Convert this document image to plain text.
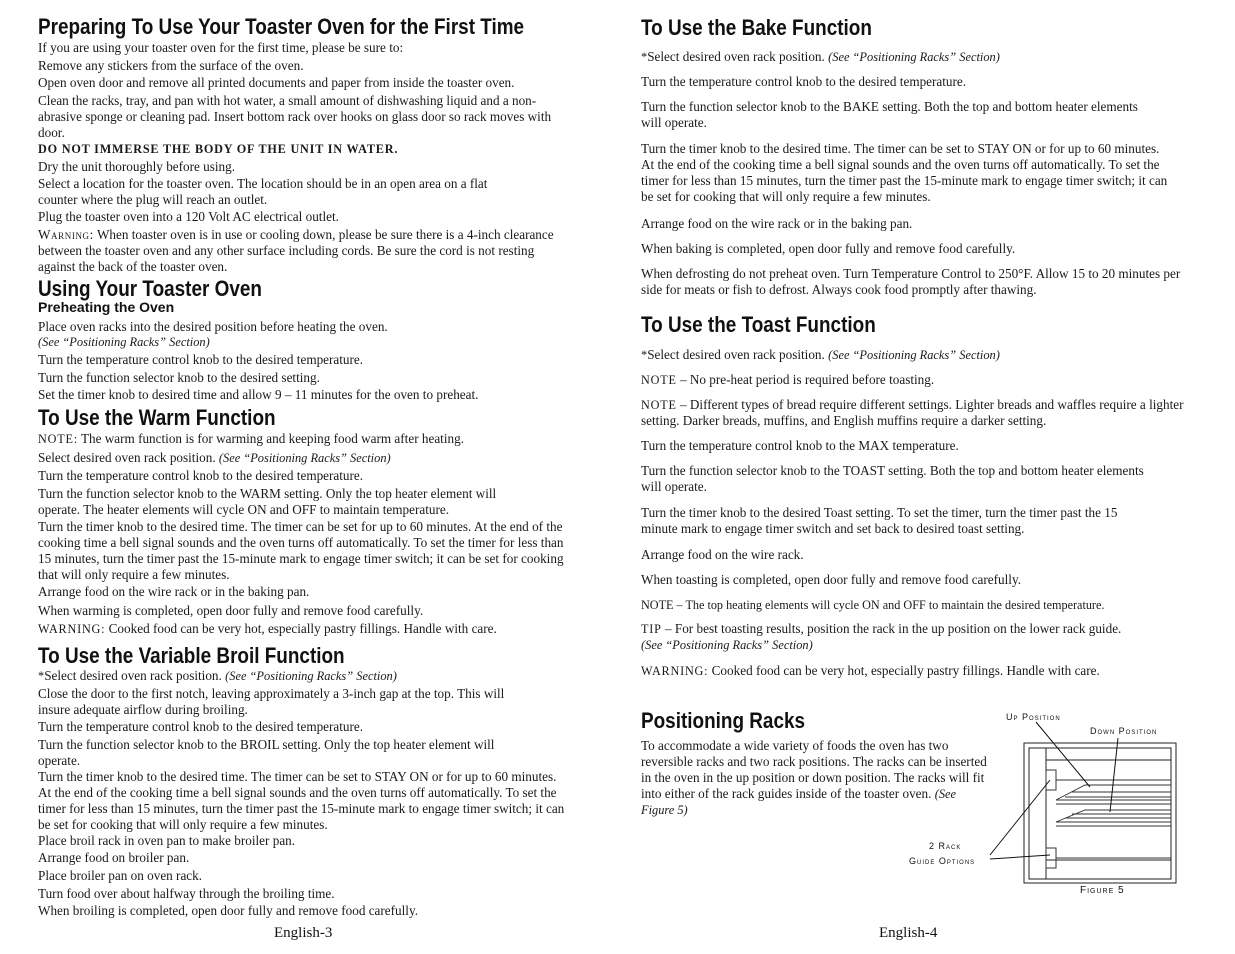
Preparing To Use Your Toaster Oven for the First Time
If you are using your toaster oven for the first time, please be sure to:
Remove any stickers from the surface of the oven.
Open oven door and remove all printed documents and paper from inside the toaster oven.
Clean the racks, tray, and pan with hot water, a small amount of dishwashing liquid and a non-abrasive sponge or cleaning pad. Insert bottom rack over hooks on glass door so rack moves with door.
DO NOT IMMERSE THE BODY OF THE UNIT IN WATER.
Dry the unit thoroughly before using.
Select a location for the toaster oven. The location should be in an open area on a flat counter where the plug will reach an outlet.
Plug the toaster oven into a 120 Volt AC electrical outlet.
Warning: When toaster oven is in use or cooling down, please be sure there is a 4-inch clearance between the toaster oven and any other surface including cords. Be sure the cord is not resting against the back of the toaster oven.
Using Your Toaster Oven
Preheating the Oven
Place oven racks into the desired position before heating the oven.
(See “Positioning Racks” Section)
Turn the temperature control knob to the desired temperature.
Turn the function selector knob to the desired setting.
Set the timer knob to desired time and allow 9 – 11 minutes for the oven to preheat.
To Use the Warm Function
NOTE: The warm function is for warming and keeping food warm after heating.
Select desired oven rack position. (See “Positioning Racks” Section)
Turn the temperature control knob to the desired temperature.
Turn the function selector knob to the WARM setting. Only the top heater element will operate. The heater elements will cycle ON and OFF to maintain temperature.
Turn the timer knob to the desired time. The timer can be set for up to 60 minutes. At the end of the cooking time a bell signal sounds and the oven turns off automatically. To set the timer for less than 15 minutes, turn the timer past the 15-minute mark to engage timer switch; it can be set for cooking that will only require a few minutes.
Arrange food on the wire rack or in the baking pan.
When warming is completed, open door fully and remove food carefully.
WARNING: Cooked food can be very hot, especially pastry fillings. Handle with care.
To Use the Variable Broil Function
*Select desired oven rack position. (See “Positioning Racks” Section)
Close the door to the first notch, leaving approximately a 3-inch gap at the top. This will insure adequate airflow during broiling.
Turn the temperature control knob to the desired temperature.
Turn the function selector knob to the BROIL setting. Only the top heater element will operate.
Turn the timer knob to the desired time. The timer can be set to STAY ON or for up to 60 minutes. At the end of the cooking time a bell signal sounds and the oven turns off automatically. To set the timer for less than 15 minutes, turn the timer past the 15-minute mark to engage timer switch; it can be set for cooking that will only require a few minutes.
Place broil rack in oven pan to make broiler pan.
Arrange food on broiler pan.
Place broiler pan on oven rack.
Turn food over about halfway through the broiling time.
When broiling is completed, open door fully and remove food carefully.
English-3
To Use the Bake Function
*Select desired oven rack position. (See “Positioning Racks” Section)
Turn the temperature control knob to the desired temperature.
Turn the function selector knob to the BAKE setting. Both the top and bottom heater elements will operate.
Turn the timer knob to the desired time. The timer can be set to STAY ON or for up to 60 minutes. At the end of the cooking time a bell signal sounds and the oven turns off automatically. To set the timer for less than 15 minutes, turn the timer past the 15-minute mark to engage timer switch; it can be set for cooking that will only require a few minutes.
Arrange food on the wire rack or in the baking pan.
When baking is completed, open door fully and remove food carefully.
When defrosting do not preheat oven. Turn Temperature Control to 250°F. Allow 15 to 20 minutes per side for meats or fish to defrost. Always cook food promptly after thawing.
To Use the Toast Function
*Select desired oven rack position. (See “Positioning Racks” Section)
NOTE – No pre-heat period is required before toasting.
NOTE – Different types of bread require different settings. Lighter breads and waffles require a lighter setting. Darker breads, muffins, and English muffins require a darker setting.
Turn the temperature control knob to the MAX temperature.
Turn the function selector knob to the TOAST setting. Both the top and bottom heater elements will operate.
Turn the timer knob to the desired Toast setting. To set the timer, turn the timer past the 15 minute mark to engage timer switch and set back to desired toast setting.
Arrange food on the wire rack.
When toasting is completed, open door fully and remove food carefully.
NOTE – The top heating elements will cycle ON and OFF to maintain the desired temperature.
TIP – For best toasting results, position the rack in the up position on the lower rack guide.
(See “Positioning Racks” Section)
WARNING: Cooked food can be very hot, especially pastry fillings. Handle with care.
Positioning Racks
To accommodate a wide variety of foods the oven has two reversible racks and two rack positions. The racks can be inserted in the oven in the up position or down position. The racks will fit into either of the rack guides inside of the toaster oven. (See Figure 5)
Up Position
Down Position
2 Rack
Guide Options
Figure 5
English-4
